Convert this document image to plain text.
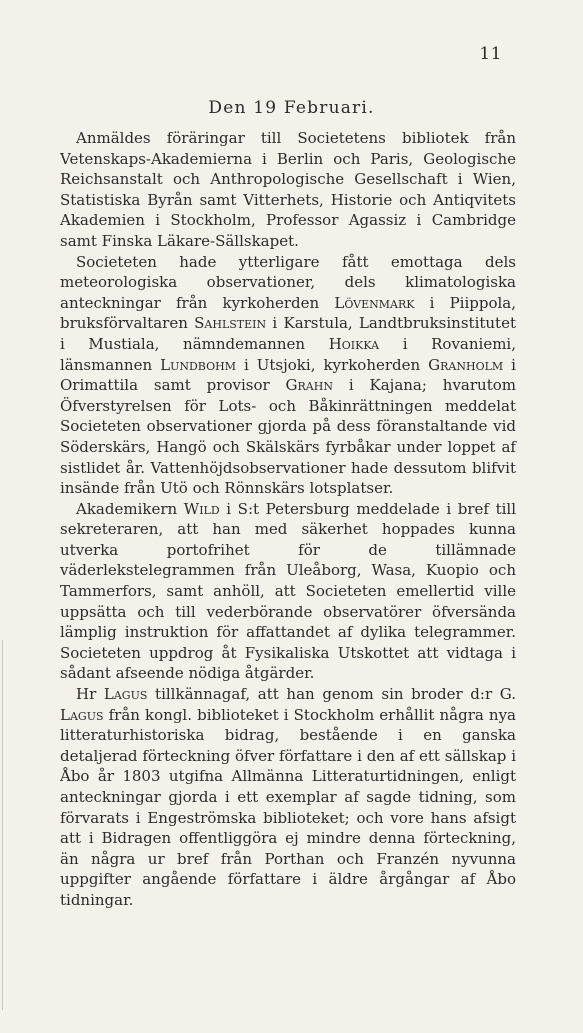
11
Den 19 Februari.

Anmäldes föräringar till Societetens bibliotek från Vetenskaps-Akademierna i Berlin och Paris, Geologische Reichsanstalt och Anthropologische Gesellschaft i Wien, Statistiska Byrån samt Vitterhets, Historie och Antiqvitets Akademien i Stockholm, Professor Agassiz i Cambridge samt Finska Läkare-Sällskapet.

Societeten hade ytterligare fått emottaga dels meteorologiska observationer, dels klimatologiska anteckningar från kyrkoherden Lövenmark i Piippola, bruksförvaltaren Sahlstein i Karstula, Landtbruksinstitutet i Mustiala, nämndemannen Hoikka i Rovaniemi, länsmannen Lundbohm i Utsjoki, kyrkoherden Granholm i Orimattila samt provisor Grahn i Kajana; hvarutom Öfverstyrelsen för Lots- och Båkinrättningen meddelat Societeten observationer gjorda på dess föranstaltande vid Söderskärs, Hangö och Skälskärs fyrbåkar under loppet af sistlidet år. Vattenhöjdsobservationer hade dessutom blifvit insände från Utö och Rönnskärs lotsplatser.

Akademikern Wild i S:t Petersburg meddelade i bref till sekreteraren, att han med säkerhet hoppades kunna utverka portofrihet för de tillämnade väderlekstelegrammen från Uleåborg, Wasa, Kuopio och Tammerfors, samt anhöll, att Societeten emellertid ville uppsätta och till vederbörande observatörer öfversända lämplig instruktion för affattandet af dylika telegrammer. Societeten uppdrog åt Fysikaliska Utskottet att vidtaga i sådant afseende nödiga åtgärder.

Hr Lagus tillkännagaf, att han genom sin broder d:r G. Lagus från kongl. biblioteket i Stockholm erhållit några nya litteraturhistoriska bidrag, bestående i en ganska detaljerad förteckning öfver författare i den af ett sällskap i Åbo år 1803 utgifna Allmänna Litteraturtidningen, enligt anteckningar gjorda i ett exemplar af sagde tidning, som förvarats i Engeströmska biblioteket; och vore hans afsigt att i Bidragen offentliggöra ej mindre denna förteckning, än några ur bref från Porthan och Franzén nyvunna uppgifter angående författare i äldre årgångar af Åbo tidningar.
